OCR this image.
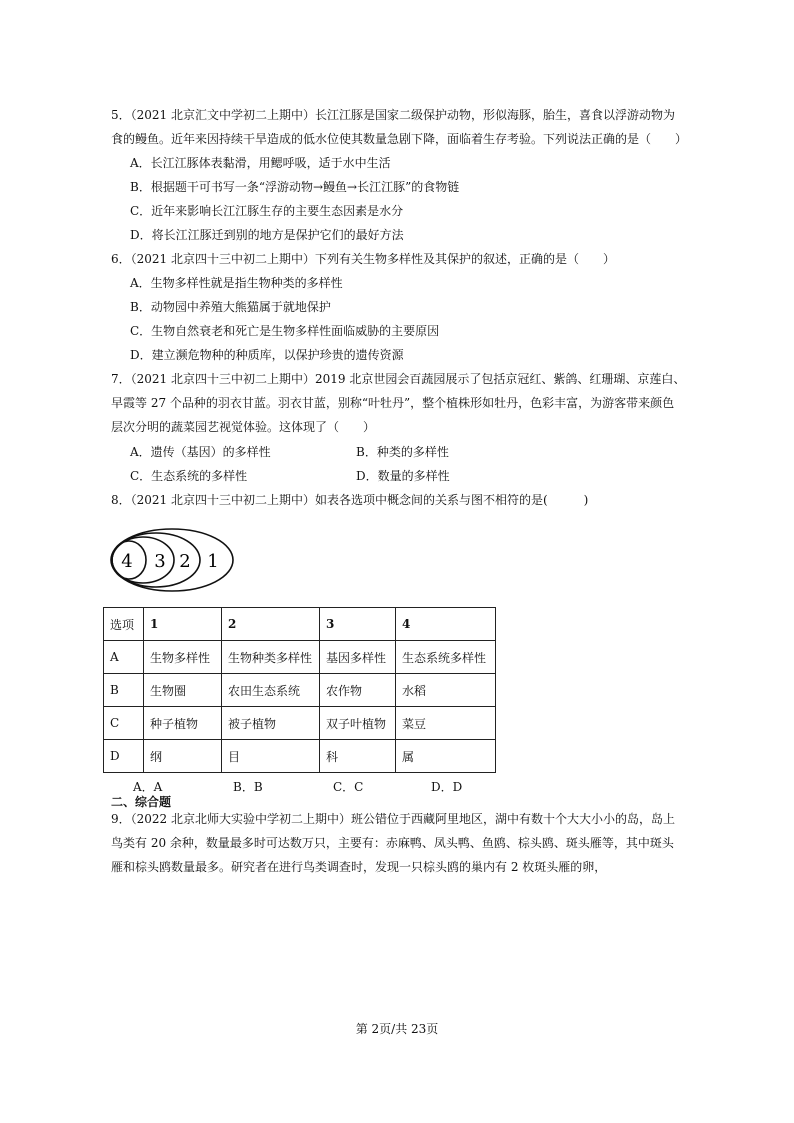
5．（2021 北京汇文中学初二上期中）长江江豚是国家二级保护动物，形似海豚，胎生，喜食以浮游动物为
食的鳗鱼。近年来因持续干旱造成的低水位使其数量急剧下降，面临着生存考验。下列说法正确的是（　　）
A．长江江豚体表黏滑，用鳃呼吸，适于水中生活
B．根据题干可书写一条“浮游动物→鳗鱼→长江江豚”的食物链
C．近年来影响长江江豚生存的主要生态因素是水分
D．将长江江豚迁到别的地方是保护它们的最好方法
6．（2021 北京四十三中初二上期中）下列有关生物多样性及其保护的叙述，正确的是（　　）
A．生物多样性就是指生物种类的多样性
B．动物园中养殖大熊猫属于就地保护
C．生物自然衰老和死亡是生物多样性面临威胁的主要原因
D．建立濒危物种的种质库，以保护珍贵的遗传资源
7．（2021 北京四十三中初二上期中）2019 北京世园会百蔬园展示了包括京冠红、紫鸽、红珊瑚、京莲白、
早霞等 27 个品种的羽衣甘蓝。羽衣甘蓝，别称“叶牡丹”，整个植株形如牡丹，色彩丰富，为游客带来颜色
层次分明的蔬菜园艺视觉体验。这体现了（　　）
A．遗传（基因）的多样性	B．种类的多样性
C．生态系统的多样性	D．数量的多样性
8．（2021 北京四十三中初二上期中）如表各选项中概念间的关系与图不相符的是(　　　)
4 3 2 1
选项	1	2	3	4
A	生物多样性	生物种类多样性	基因多样性	生态系统多样性
B	生物圈	农田生态系统	农作物	水稻
C	种子植物	被子植物	双子叶植物	菜豆
D	纲	目	科	属
A．A	B．B	C．C	D．D
二、综合题
9．（2022 北京北师大实验中学初二上期中）班公错位于西藏阿里地区，湖中有数十个大大小小的岛，岛上
鸟类有 20 余种，数量最多时可达数万只，主要有：赤麻鸭、凤头鸭、鱼鸥、棕头鸥、斑头雁等，其中斑头
雁和棕头鸥数量最多。研究者在进行鸟类调查时，发现一只棕头鸥的巢内有 2 枚斑头雁的卵，
第 2页/共 23页
